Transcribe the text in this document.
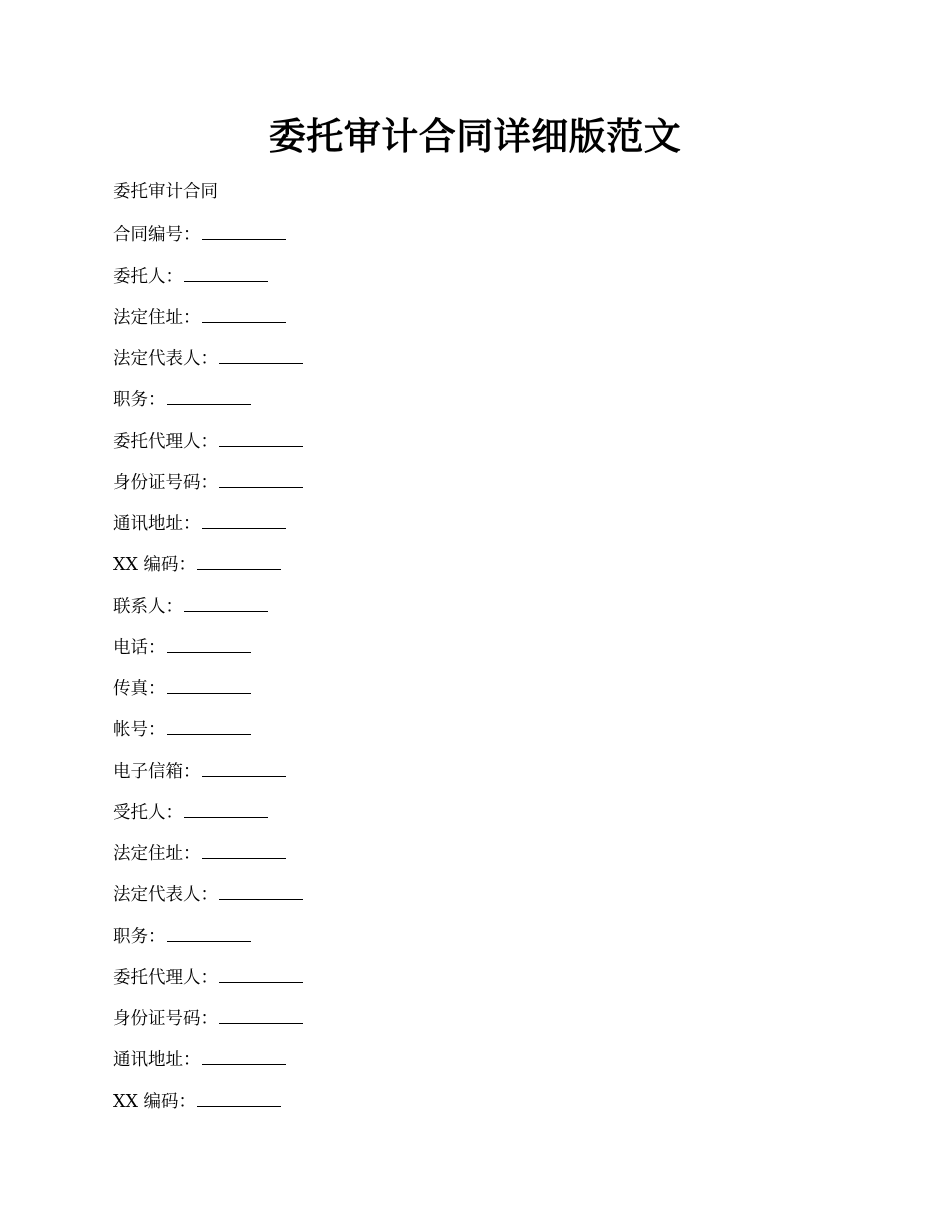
委托审计合同详细版范文
委托审计合同
合同编号：
委托人：
法定住址：
法定代表人：
职务：
委托代理人：
身份证号码：
通讯地址：
XX 编码：
联系人：
电话：
传真：
帐号：
电子信箱：
受托人：
法定住址：
法定代表人：
职务：
委托代理人：
身份证号码：
通讯地址：
XX 编码：
